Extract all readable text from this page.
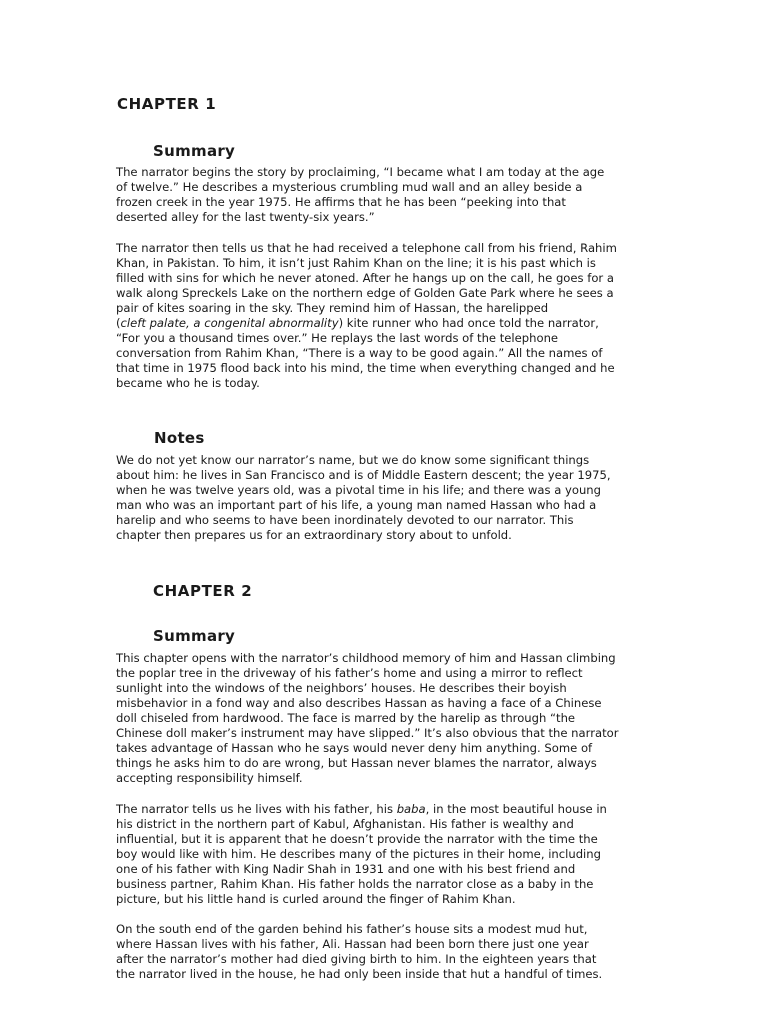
CHAPTER 1
Summary

The narrator begins the story by proclaiming, “I became what I am today at the age
of twelve.” He describes a mysterious crumbling mud wall and an alley beside a
frozen creek in the year 1975. He affirms that he has been “peeking into that
deserted alley for the last twenty-six years.”

The narrator then tells us that he had received a telephone call from his friend, Rahim
Khan, in Pakistan. To him, it isn’t just Rahim Khan on the line; it is his past which is
filled with sins for which he never atoned. After he hangs up on the call, he goes for a
walk along Spreckels Lake on the northern edge of Golden Gate Park where he sees a
pair of kites soaring in the sky. They remind him of Hassan, the harelipped
(cleft palate, a congenital abnormality) kite runner who had once told the narrator,
“For you a thousand times over.” He replays the last words of the telephone
conversation from Rahim Khan, “There is a way to be good again.” All the names of
that time in 1975 flood back into his mind, the time when everything changed and he
became who he is today.

Notes

We do not yet know our narrator’s name, but we do know some significant things
about him: he lives in San Francisco and is of Middle Eastern descent; the year 1975,
when he was twelve years old, was a pivotal time in his life; and there was a young
man who was an important part of his life, a young man named Hassan who had a
harelip and who seems to have been inordinately devoted to our narrator. This
chapter then prepares us for an extraordinary story about to unfold.

CHAPTER 2
Summary

This chapter opens with the narrator’s childhood memory of him and Hassan climbing
the poplar tree in the driveway of his father’s home and using a mirror to reflect
sunlight into the windows of the neighbors’ houses. He describes their boyish
misbehavior in a fond way and also describes Hassan as having a face of a Chinese
doll chiseled from hardwood. The face is marred by the harelip as through “the
Chinese doll maker’s instrument may have slipped.” It’s also obvious that the narrator
takes advantage of Hassan who he says would never deny him anything. Some of
things he asks him to do are wrong, but Hassan never blames the narrator, always
accepting responsibility himself.

The narrator tells us he lives with his father, his baba, in the most beautiful house in
his district in the northern part of Kabul, Afghanistan. His father is wealthy and
influential, but it is apparent that he doesn’t provide the narrator with the time the
boy would like with him. He describes many of the pictures in their home, including
one of his father with King Nadir Shah in 1931 and one with his best friend and
business partner, Rahim Khan. His father holds the narrator close as a baby in the
picture, but his little hand is curled around the finger of Rahim Khan.

On the south end of the garden behind his father’s house sits a modest mud hut,
where Hassan lives with his father, Ali. Hassan had been born there just one year
after the narrator’s mother had died giving birth to him. In the eighteen years that
the narrator lived in the house, he had only been inside that hut a handful of times.
